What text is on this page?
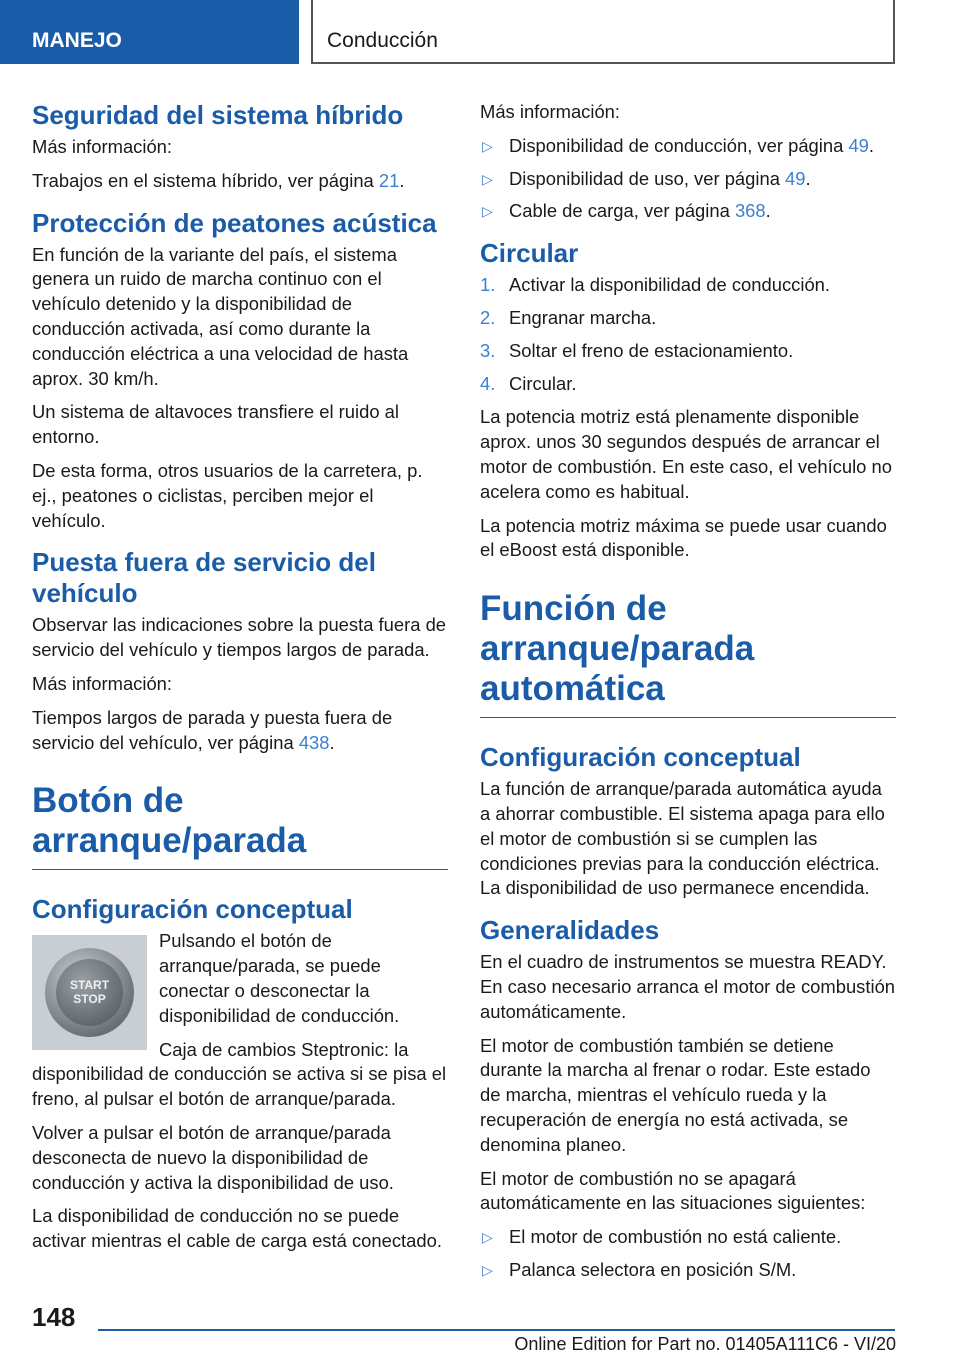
MANEJO	Conducción
Seguridad del sistema híbrido

Más información:

Trabajos en el sistema híbrido, ver página 21.

Protección de peatones acústica

En función de la variante del país, el sistema genera un ruido de marcha continuo con el vehículo detenido y la disponibilidad de conducción activada, así como durante la conducción eléctrica a una velocidad de hasta aprox. 30 km/h.

Un sistema de altavoces transfiere el ruido al entorno.

De esta forma, otros usuarios de la carretera, p. ej., peatones o ciclistas, perciben mejor el vehículo.

Puesta fuera de servicio del vehículo

Observar las indicaciones sobre la puesta fuera de servicio del vehículo y tiempos largos de parada.

Más información:

Tiempos largos de parada y puesta fuera de servicio del vehículo, ver página 438.

Botón de arranque/parada
Configuración conceptual
START
STOP

Pulsando el botón de arranque/parada, se puede conectar o desconectar la disponibilidad de conducción.

Caja de cambios Steptronic: la disponibilidad de conducción se activa si se pisa el freno, al pulsar el botón de arranque/parada.

Volver a pulsar el botón de arranque/parada desconecta de nuevo la disponibilidad de conducción y activa la disponibilidad de uso.

La disponibilidad de conducción no se puede activar mientras el cable de carga está conectado.

Más información:

▷ Disponibilidad de conducción, ver página 49.
▷ Disponibilidad de uso, ver página 49.
▷ Cable de carga, ver página 368.
Circular
1. Activar la disponibilidad de conducción.
2. Engranar marcha.
3. Soltar el freno de estacionamiento.
4. Circular.

La potencia motriz está plenamente disponible aprox. unos 30 segundos después de arrancar el motor de combustión. En este caso, el vehículo no acelera como es habitual.

La potencia motriz máxima se puede usar cuando el eBoost está disponible.

Función de arranque/parada automática
Configuración conceptual

La función de arranque/parada automática ayuda a ahorrar combustible. El sistema apaga para ello el motor de combustión si se cumplen las condiciones previas para la conducción eléctrica. La disponibilidad de uso permanece encendida.

Generalidades

En el cuadro de instrumentos se muestra READY. En caso necesario arranca el motor de combustión automáticamente.

El motor de combustión también se detiene durante la marcha al frenar o rodar. Este estado de marcha, mientras el vehículo rueda y la recuperación de energía no está activada, se denomina planeo.

El motor de combustión no se apagará automáticamente en las situaciones siguientes:

▷ El motor de combustión no está caliente.
▷ Palanca selectora en posición S/M.
148
Online Edition for Part no. 01405A111C6 - VI/20
